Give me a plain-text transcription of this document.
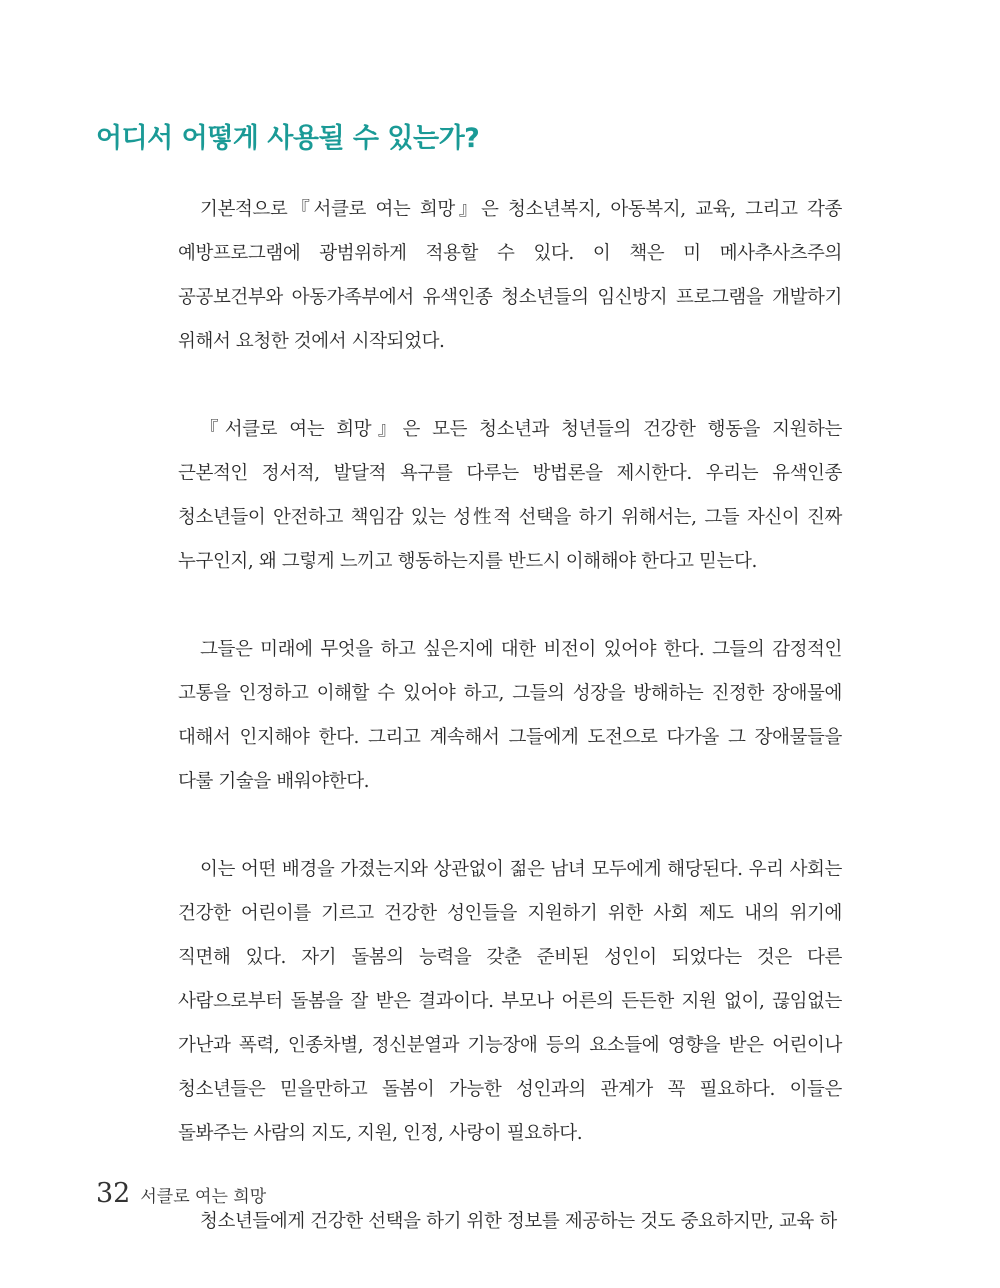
어디서 어떻게 사용될 수 있는가?

기본적으로『서클로 여는 희망』은 청소년복지, 아동복지, 교육, 그리고 각종 예방프로그램에 광범위하게 적용할 수 있다. 이 책은 미 메사추사츠주의 공공보건부와 아동가족부에서 유색인종 청소년들의 임신방지 프로그램을 개발하기 위해서 요청한 것에서 시작되었다.

『서클로 여는 희망』은 모든 청소년과 청년들의 건강한 행동을 지원하는 근본적인 정서적, 발달적 욕구를 다루는 방법론을 제시한다. 우리는 유색인종 청소년들이 안전하고 책임감 있는 성性적 선택을 하기 위해서는, 그들 자신이 진짜 누구인지, 왜 그렇게 느끼고 행동하는지를 반드시 이해해야 한다고 믿는다.

그들은 미래에 무엇을 하고 싶은지에 대한 비전이 있어야 한다. 그들의 감정적인 고통을 인정하고 이해할 수 있어야 하고, 그들의 성장을 방해하는 진정한 장애물에 대해서 인지해야 한다. 그리고 계속해서 그들에게 도전으로 다가올 그 장애물들을 다룰 기술을 배워야한다.

이는 어떤 배경을 가졌는지와 상관없이 젊은 남녀 모두에게 해당된다. 우리 사회는 건강한 어린이를 기르고 건강한 성인들을 지원하기 위한 사회 제도 내의 위기에 직면해 있다. 자기 돌봄의 능력을 갖춘 준비된 성인이 되었다는 것은 다른 사람으로부터 돌봄을 잘 받은 결과이다. 부모나 어른의 든든한 지원 없이, 끊임없는 가난과 폭력, 인종차별, 정신분열과 기능장애 등의 요소들에 영향을 받은 어린이나 청소년들은 믿을만하고 돌봄이 가능한 성인과의 관계가 꼭 필요하다. 이들은 돌봐주는 사람의 지도, 지원, 인정, 사랑이 필요하다.

청소년들에게 건강한 선택을 하기 위한 정보를 제공하는 것도 중요하지만, 교육 하

32 서클로 여는 희망
